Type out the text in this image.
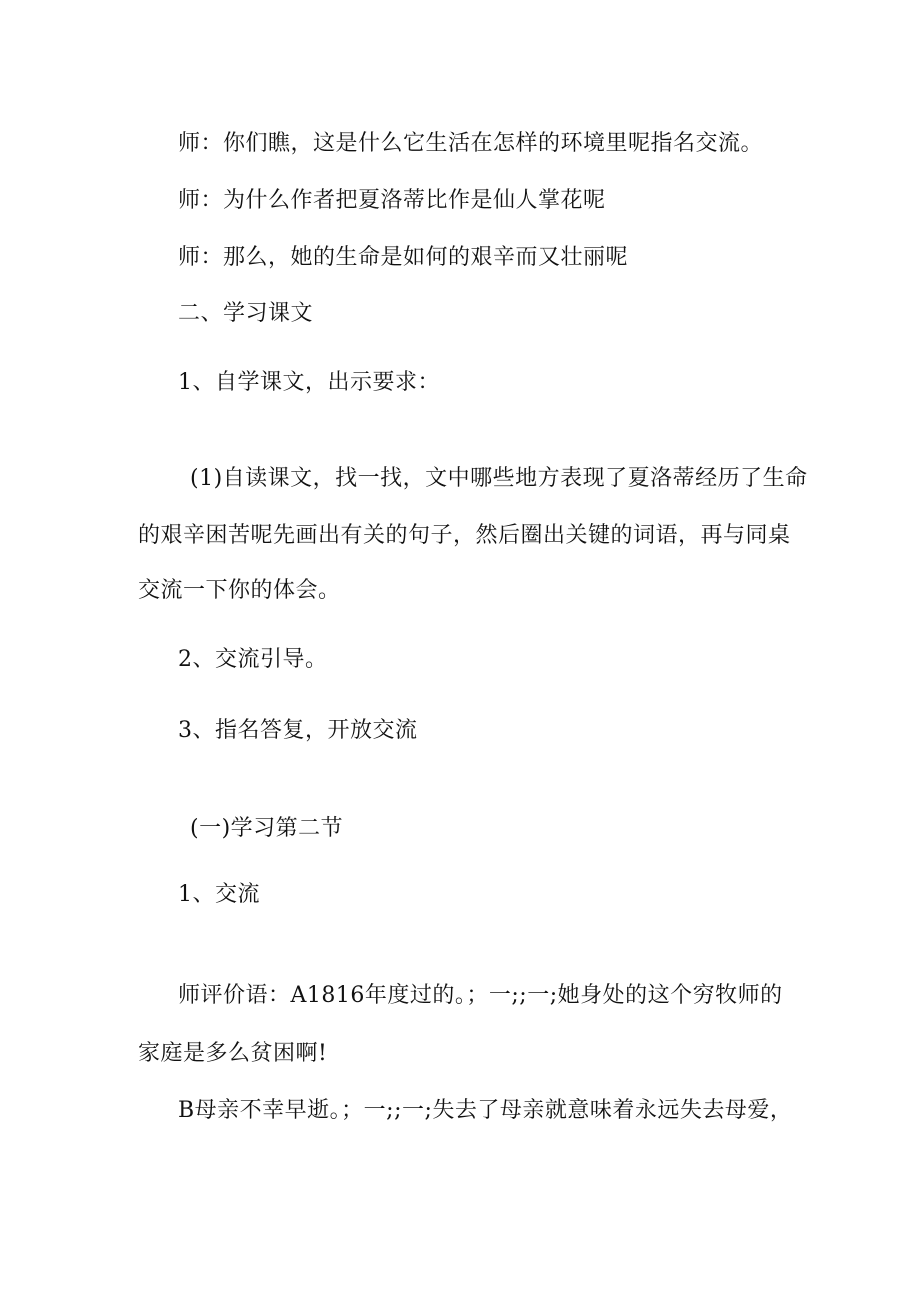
师：你们瞧，这是什么它生活在怎样的环境里呢指名交流。
师：为什么作者把夏洛蒂比作是仙人掌花呢
师：那么，她的生命是如何的艰辛而又壮丽呢
二、学习课文
1、自学课文，出示要求：
(1)自读课文，找一找，文中哪些地方表现了夏洛蒂经历了生命
的艰辛困苦呢先画出有关的句子，然后圈出关键的词语，再与同桌
交流一下你的体会。
2、交流引导。
3、指名答复，开放交流
(一)学习第二节
1、交流
师评价语：A1816年度过的。；一;;一;她身处的这个穷牧师的
家庭是多么贫困啊!
B母亲不幸早逝。；一;;一;失去了母亲就意味着永远失去母爱，
